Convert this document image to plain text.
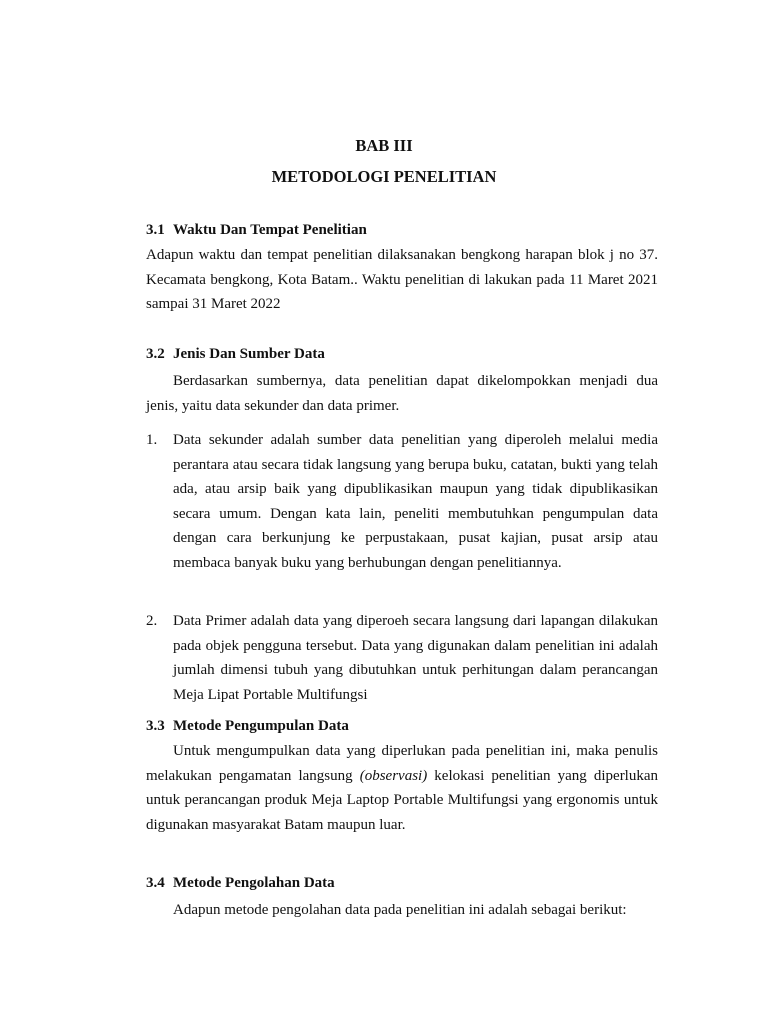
BAB III
METODOLOGI PENELITIAN
3.1 Waktu Dan Tempat Penelitian
Adapun waktu dan tempat penelitian dilaksanakan bengkong harapan blok j no 37. Kecamata bengkong, Kota Batam.. Waktu penelitian di lakukan pada 11 Maret 2021 sampai 31 Maret 2022
3.2 Jenis Dan Sumber Data
Berdasarkan sumbernya, data penelitian dapat dikelompokkan menjadi dua jenis, yaitu data sekunder dan data primer.
1. Data sekunder adalah sumber data penelitian yang diperoleh melalui media perantara atau secara tidak langsung yang berupa buku, catatan, bukti yang telah ada, atau arsip baik yang dipublikasikan maupun yang tidak dipublikasikan secara umum. Dengan kata lain, peneliti membutuhkan pengumpulan data dengan cara berkunjung ke perpustakaan, pusat kajian, pusat arsip atau membaca banyak buku yang berhubungan dengan penelitiannya.
2. Data Primer adalah data yang diperoeh secara langsung dari lapangan dilakukan pada objek pengguna tersebut. Data yang digunakan dalam penelitian ini adalah jumlah dimensi tubuh yang dibutuhkan untuk perhitungan dalam perancangan Meja Lipat Portable Multifungsi
3.3 Metode Pengumpulan Data
Untuk mengumpulkan data yang diperlukan pada penelitian ini, maka penulis melakukan pengamatan langsung (observasi) kelokasi penelitian yang diperlukan untuk perancangan produk Meja Laptop Portable Multifungsi yang ergonomis untuk digunakan masyarakat Batam maupun luar.
3.4 Metode Pengolahan Data
Adapun metode pengolahan data pada penelitian ini adalah sebagai berikut:
